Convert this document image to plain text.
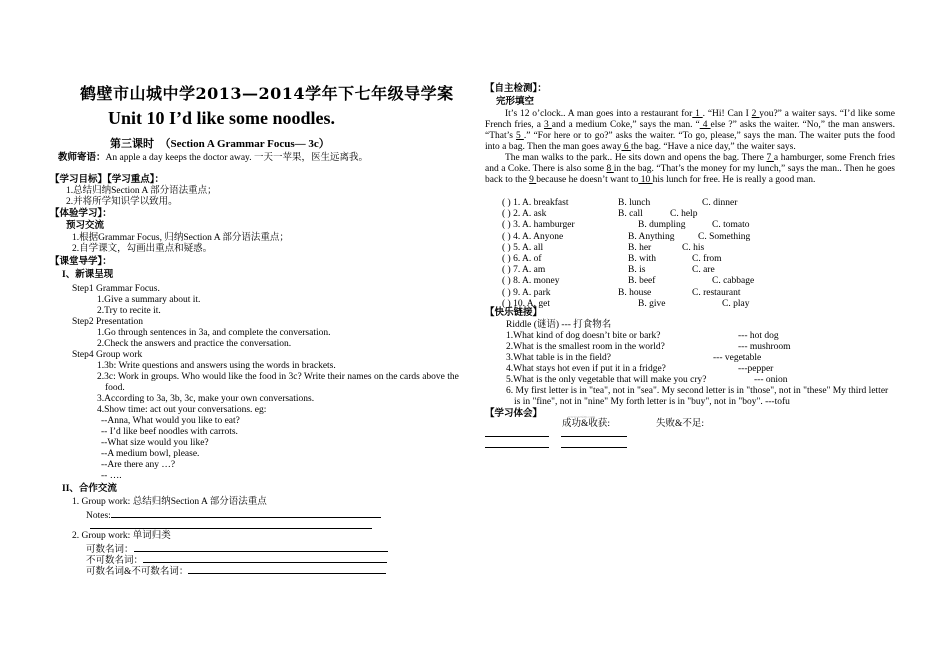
鹤壁市山城中学2013—2014学年下七年级导学案
Unit 10 I’d like some noodles.
第三课时　（Section A Grammar Focus— 3c）
教师寄语：An apple a day keeps the doctor away. 一天一苹果，医生远离我。
【学习目标】【学习重点】：
1.总结归纳Section A 部分语法重点；
2.并将所学知识学以致用。
【体验学习】：
预习交流
1.根据Grammar Focus, 归纳Section A 部分语法重点；
2.自学课文，勾画出重点和疑惑。
【课堂导学】：
I、新课呈现
Step1 Grammar Focus.
1.Give a summary about it.
2.Try to recite it.
Step2 Presentation
1.Go through sentences in 3a, and complete the conversation.
2.Check the answers and practice the conversation.
Step4 Group work
1.3b: Write questions and answers using the words in brackets.
2.3c: Work in groups. Who would like the food in 3c? Write their names on the cards above the
food.
3.According to 3a, 3b, 3c, make your own conversations.
4.Show time: act out your conversations. eg:
--Anna, What would you like to eat?
-- I’d like beef noodles with carrots.
--What size would you like?
--A medium bowl, please.
--Are there any …?
-- ….
II、合作交流
1. Group work: 总结归纳Section A 部分语法重点
Notes:
2. Group work: 单词归类
可数名词：
不可数名词：
可数名词&不可数名词：
【自主检测】：
完形填空
It’s 12 o’clock.. A man goes into a restaurant for 1 . “Hi! Can I 2 you?” a waiter says. “I’d like some French fries, a 3 and a medium Coke,” says the man. “ 4 else ?” asks the waiter. “No,” the man answers. “That’s 5 .” “For here or to go?” asks the waiter. “To go, please,” says the man. The waiter puts the food into a bag. Then the man goes away 6 the bag. “Have a nice day,” the waiter says.
The man walks to the park.. He sits down and opens the bag. There 7 a hamburger, some French fries and a Coke. There is also some 8 in the bag. “That’s the money for my lunch,” says the man.. Then he goes back to the 9 because he doesn’t want to 10 his lunch for free. He is really a good man.
( ) 1. A. breakfast	B. lunch	C. dinner
( ) 2. A. ask	B. call	C. help
( ) 3. A. hamburger	B. dumpling	C. tomato
( ) 4. A. Anyone	B. Anything C. Something
( ) 5. A. all	B. her	C. his
( ) 6. A. of	B. with	C. from
( ) 7. A. am	B. is	C. are
( ) 8. A. money	B. beef	C. cabbage
( ) 9. A. park	B. house	C. restaurant
( ) 10. A. get	B. give	C. play
【快乐链接】
Riddle (谜语) --- 打食物名
1.What kind of dog doesn’t bite or bark?	--- hot dog
2.What is the smallest room in the world?	--- mushroom
3.What table is in the field?	--- vegetable
4.What stays hot even if put it in a fridge?	---pepper
5.What is the only vegetable that will make you cry?	--- onion
6. My first letter is in "tea", not in "sea". My second letter is in "those", not in "these" My third letter
is in "fine", not in "nine" My forth letter is in "buy", not in "boy". ---tofu
【学习体会】	www.zzstep.com
成功&收获:	失败&不足:
